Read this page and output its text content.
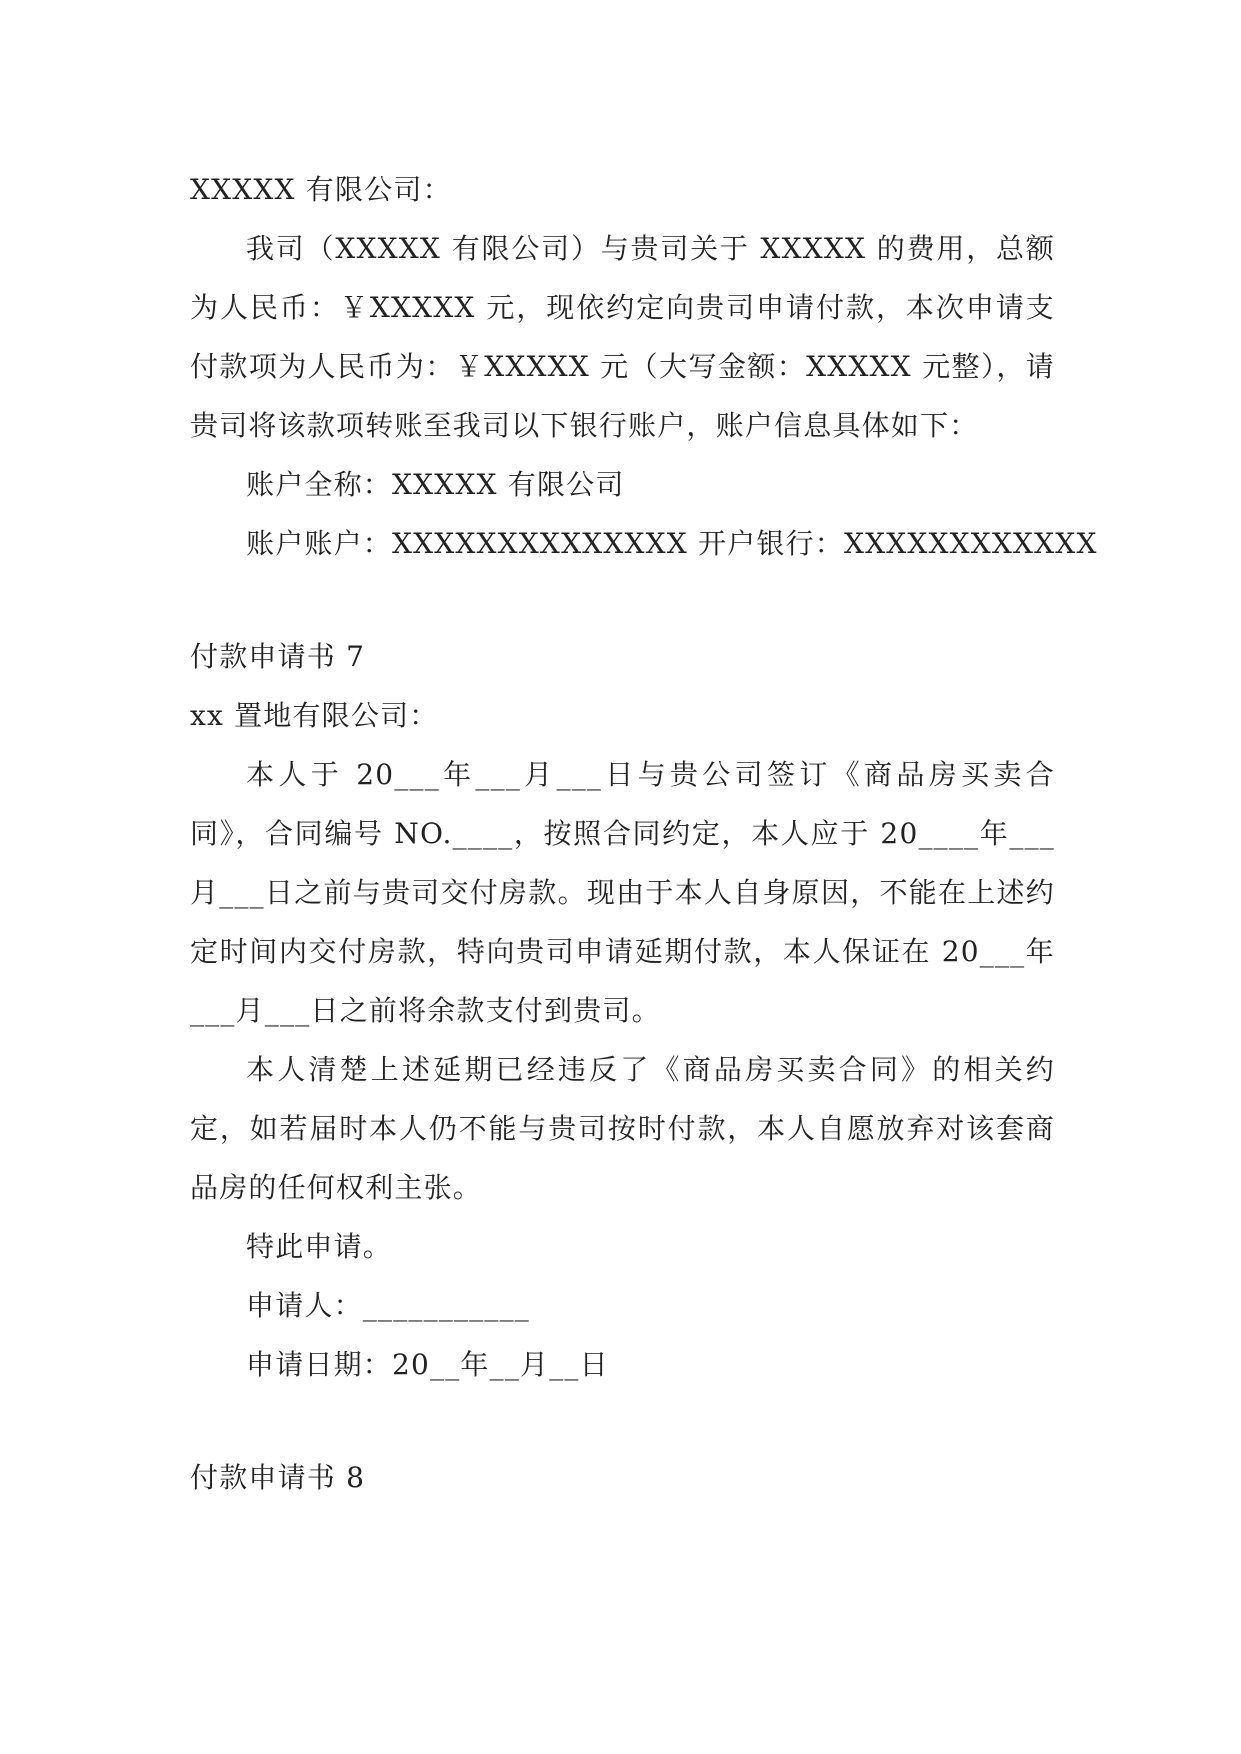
XXXXX 有限公司：

我司（XXXXX 有限公司）与贵司关于 XXXXX 的费用，总额为人民币：￥XXXXX 元，现依约定向贵司申请付款，本次申请支付款项为人民币为：￥XXXXX 元（大写金额：XXXXX 元整），请贵司将该款项转账至我司以下银行账户，账户信息具体如下：

账户全称：XXXXX 有限公司

账户账户：XXXXXXXXXXXXXX 开户银行：XXXXXXXXXXXX

付款申请书 7

xx 置地有限公司：

本人于 20___年___月___日与贵公司签订《商品房买卖合同》，合同编号 NO.____，按照合同约定，本人应于 20____年___月___日之前与贵司交付房款。现由于本人自身原因，不能在上述约定时间内交付房款，特向贵司申请延期付款，本人保证在 20___年___月___日之前将余款支付到贵司。

本人清楚上述延期已经违反了《商品房买卖合同》的相关约定，如若届时本人仍不能与贵司按时付款，本人自愿放弃对该套商品房的任何权利主张。

特此申请。

申请人：___________

申请日期：20__年__月__日

付款申请书 8
